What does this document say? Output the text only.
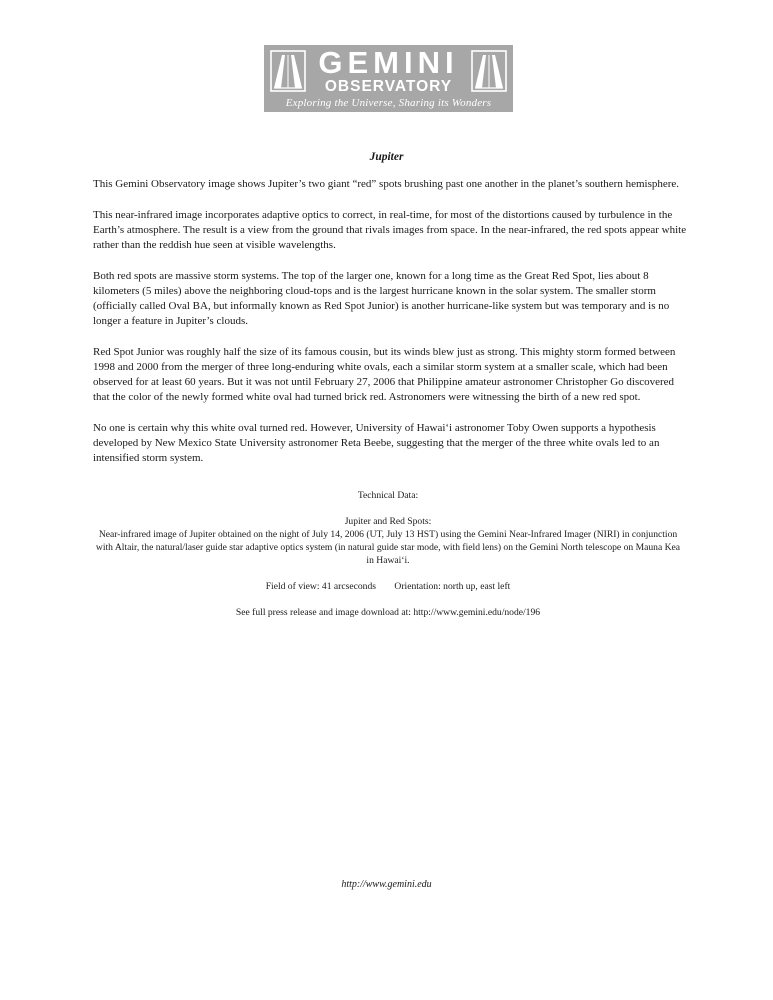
GEMINI
OBSERVATORY
Exploring the Universe, Sharing its Wonders
Jupiter

This Gemini Observatory image shows Jupiter’s two giant “red” spots brushing past one another in the planet’s southern hemisphere.

This near-infrared image incorporates adaptive optics to correct, in real-time, for most of the distortions caused by turbulence in the Earth’s atmosphere. The result is a view from the ground that rivals images from space. In the near-infrared, the red spots appear white rather than the reddish hue seen at visible wavelengths.

Both red spots are massive storm systems. The top of the larger one, known for a long time as the Great Red Spot, lies about 8 kilometers (5 miles) above the neighboring cloud-tops and is the largest hurricane known in the solar system. The smaller storm (officially called Oval BA, but informally known as Red Spot Junior) is another hurricane-like system but was temporary and is no longer a feature in Jupiter’s clouds.

Red Spot Junior was roughly half the size of its famous cousin, but its winds blew just as strong. This mighty storm formed between 1998 and 2000 from the merger of three long-enduring white ovals, each a similar storm system at a smaller scale, which had been observed for at least 60 years. But it was not until February 27, 2006 that Philippine amateur astronomer Christopher Go discovered that the color of the newly formed white oval had turned brick red. Astronomers were witnessing the birth of a new red spot.

No one is certain why this white oval turned red. However, University of Hawai‘i astronomer Toby Owen supports a hypothesis developed by New Mexico State University astronomer Reta Beebe, suggesting that the merger of the three white ovals led to an intensified storm system.

Technical Data:

Jupiter and Red Spots:

Near-infrared image of Jupiter obtained on the night of July 14, 2006 (UT, July 13 HST) using the Gemini Near-Infrared Imager (NIRI) in conjunction with Altair, the natural/laser guide star adaptive optics system (in natural guide star mode, with field lens) on the Gemini North telescope on Mauna Kea in Hawai‘i.

Field of view: 41 arcseconds Orientation: north up, east left

See full press release and image download at: http://www.gemini.edu/node/196

http://www.gemini.edu
